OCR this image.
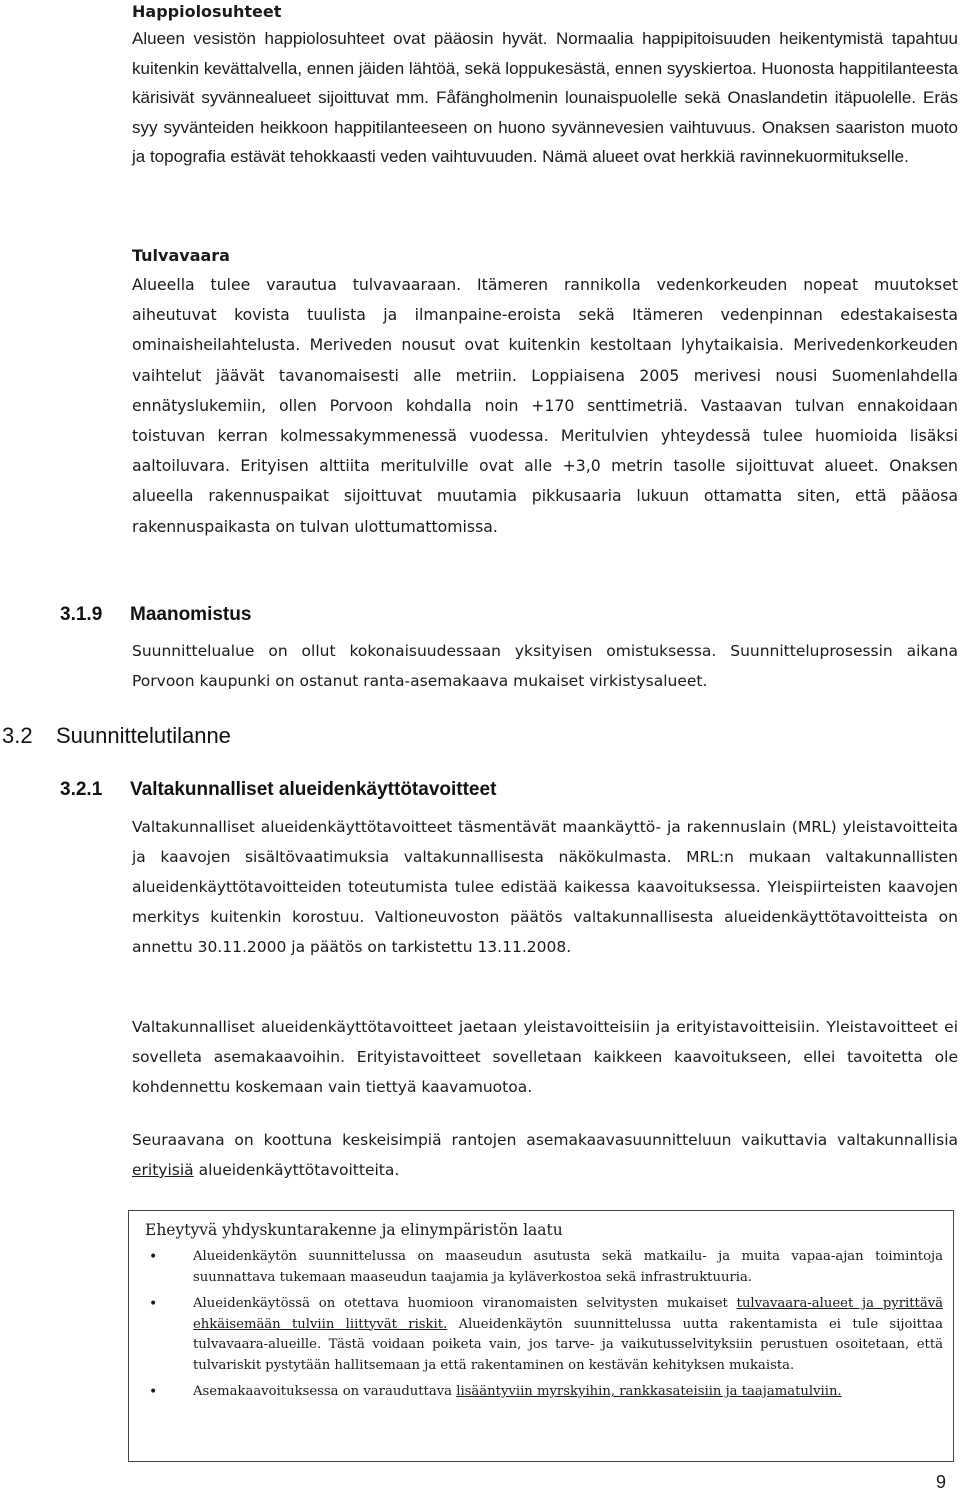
Happiolosuhteet

Alueen vesistön happiolosuhteet ovat pääosin hyvät. Normaalia happipitoisuuden heikentymistä tapahtuu kuitenkin kevättalvella, ennen jäiden lähtöä, sekä loppukesästä, ennen syyskiertoa. Huonosta happitilanteesta kärisivät syvännealueet sijoittuvat mm. Fåfängholmenin lounaispuolelle sekä Onaslandetin itäpuolelle. Eräs syy syvänteiden heikkoon happitilanteeseen on huono syvännevesien vaihtuvuus. Onaksen saariston muoto ja topografia estävät tehokkaasti veden vaihtuvuuden. Nämä alueet ovat herkkiä ravinnekuormitukselle.

Tulvavaara

Alueella tulee varautua tulvavaaraan. Itämeren rannikolla vedenkorkeuden nopeat muutokset aiheutuvat kovista tuulista ja ilmanpaine-eroista sekä Itämeren vedenpinnan edestakaisesta ominaisheilahtelusta. Meriveden nousut ovat kuitenkin kestoltaan lyhytaikaisia. Merivedenkorkeuden vaihtelut jäävät tavanomaisesti alle metriin. Loppiaisena 2005 merivesi nousi Suomenlahdella ennätyslukemiin, ollen Porvoon kohdalla noin +170 senttimetriä. Vastaavan tulvan ennakoidaan toistuvan kerran kolmessakymmenessä vuodessa. Meritulvien yhteydessä tulee huomioida lisäksi aaltoiluvara. Erityisen alttiita meritulville ovat alle +3,0 metrin tasolle sijoittuvat alueet. Onaksen alueella rakennuspaikat sijoittuvat muutamia pikkusaaria lukuun ottamatta siten, että pääosa rakennuspaikasta on tulvan ulottumattomissa.

3.1.9 Maanomistus

Suunnittelualue on ollut kokonaisuudessaan yksityisen omistuksessa. Suunnitteluprosessin aikana Porvoon kaupunki on ostanut ranta-asemakaava mukaiset virkistysalueet.

3.2 Suunnittelutilanne
3.2.1 Valtakunnalliset alueidenkäyttötavoitteet

Valtakunnalliset alueidenkäyttötavoitteet täsmentävät maankäyttö- ja rakennuslain (MRL) yleistavoitteita ja kaavojen sisältövaatimuksia valtakunnallisesta näkökulmasta. MRL:n mukaan valtakunnallisten alueidenkäyttötavoitteiden toteutumista tulee edistää kaikessa kaavoituksessa. Yleispiirteisten kaavojen merkitys kuitenkin korostuu. Valtioneuvoston päätös valtakunnallisesta alueidenkäyttötavoitteista on annettu 30.11.2000 ja päätös on tarkistettu 13.11.2008.

Valtakunnalliset alueidenkäyttötavoitteet jaetaan yleistavoitteisiin ja erityistavoitteisiin. Yleistavoitteet ei sovelleta asemakaavoihin. Erityistavoitteet sovelletaan kaikkeen kaavoitukseen, ellei tavoitetta ole kohdennettu koskemaan vain tiettyä kaavamuotoa.

Seuraavana on koottuna keskeisimpiä rantojen asemakaavasuunnitteluun vaikuttavia valtakunnallisia erityisiä alueidenkäyttötavoitteita.

Eheytyvä yhdyskuntarakenne ja elinympäristön laatu
•	Alueidenkäytön suunnittelussa on maaseudun asutusta sekä matkailu- ja muita vapaa-ajan toimintoja suunnattava tukemaan maaseudun taajamia ja kyläverkostoa sekä infrastruktuuria.
•	Alueidenkäytössä on otettava huomioon viranomaisten selvitysten mukaiset tulvavaara-alueet ja pyrittävä ehkäisemään tulviin liittyvät riskit. Alueidenkäytön suunnittelussa uutta rakentamista ei tule sijoittaa tulvavaara-alueille. Tästä voidaan poiketa vain, jos tarve- ja vaikutusselvityksiin perustuen osoitetaan, että tulvariskit pystytään hallitsemaan ja että rakentaminen on kestävän kehityksen mukaista.
•	Asemakaavoituksessa on varauduttava lisääntyviin myrskyihin, rankkasateisiin ja taajamatulviin.
9
